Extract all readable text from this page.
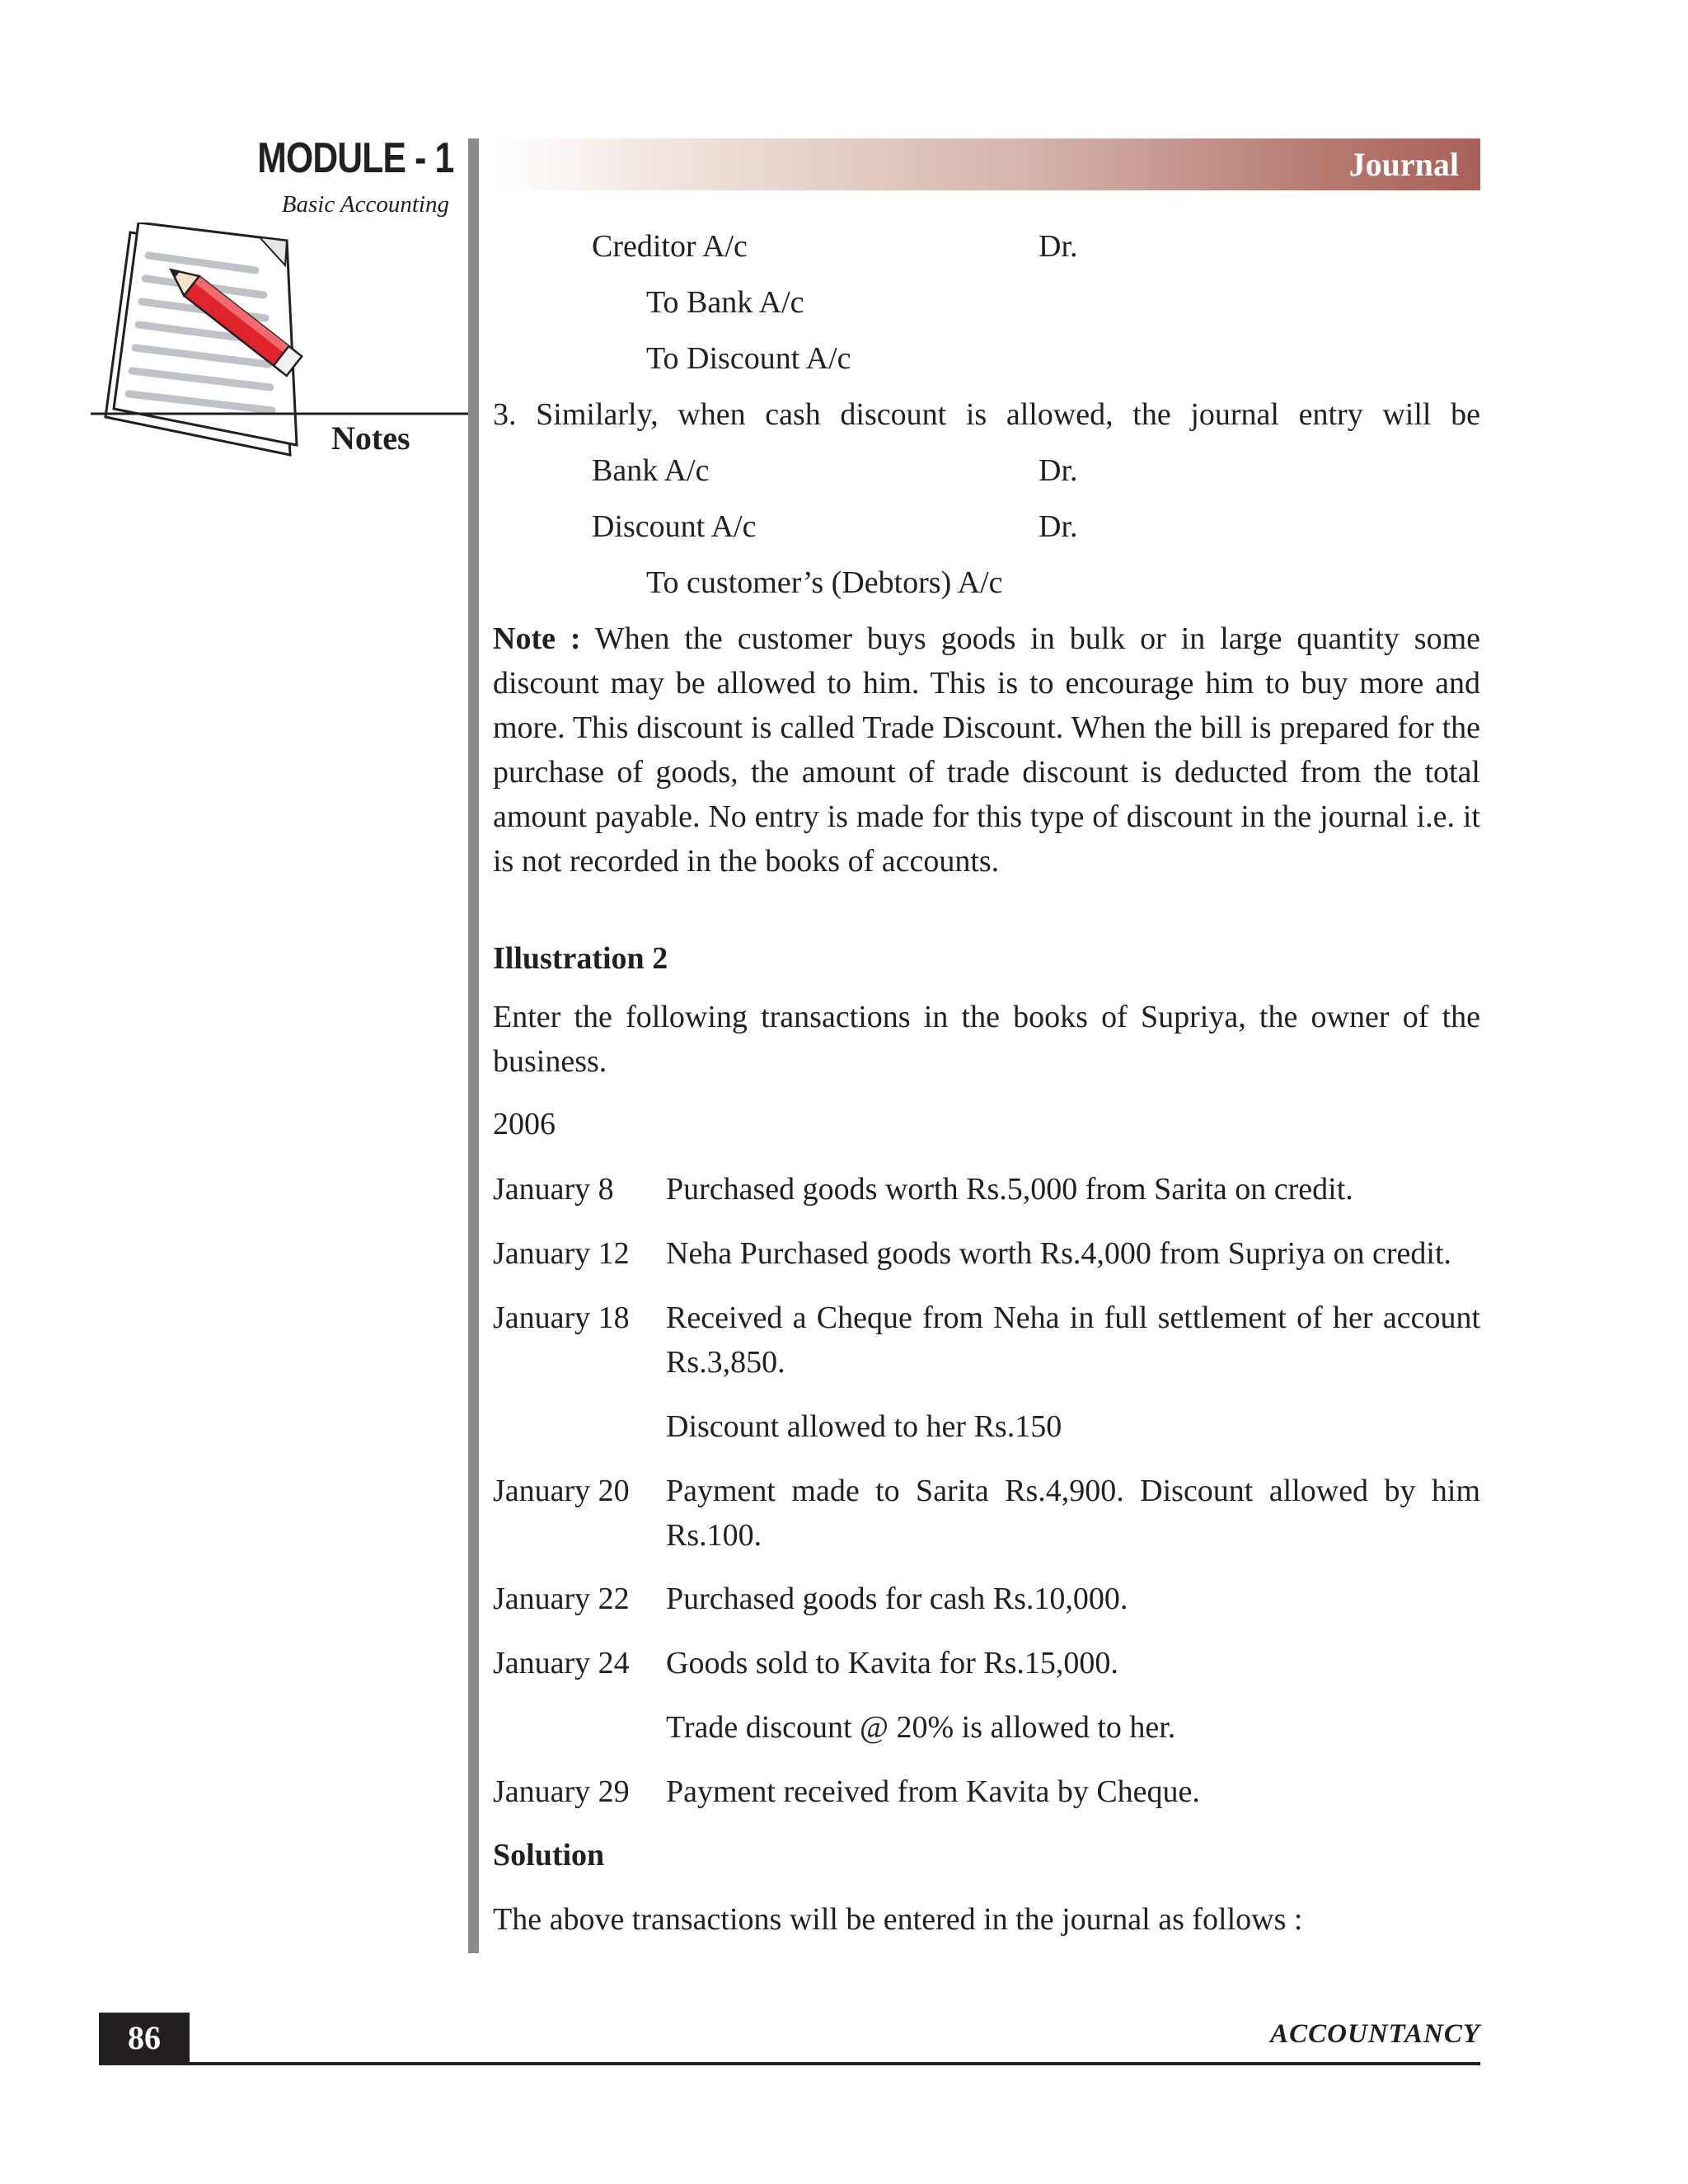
MODULE - 1
Basic Accounting
Notes
Journal
Creditor A/c	Dr.
To Bank A/c
To Discount A/c
3. Similarly, when cash discount is allowed, the journal entry will be
Bank A/c	Dr.
Discount A/c	Dr.
To customer’s (Debtors) A/c

Note : When the customer buys goods in bulk or in large quantity some discount may be allowed to him. This is to encourage him to buy more and more. This discount is called Trade Discount. When the bill is prepared for the purchase of goods, the amount of trade discount is deducted from the total amount payable. No entry is made for this type of discount in the journal i.e. it is not recorded in the books of accounts.

Illustration 2

Enter the following transactions in the books of Supriya, the owner of the business.

2006
January 8 Purchased goods worth Rs.5,000 from Sarita on credit.
January 12 Neha Purchased goods worth Rs.4,000 from Supriya on credit.
January 18 Received a Cheque from Neha in full settlement of her account Rs.3,850.
Discount allowed to her Rs.150
January 20 Payment made to Sarita Rs.4,900. Discount allowed by him Rs.100.
January 22 Purchased goods for cash Rs.10,000.
January 24 Goods sold to Kavita for Rs.15,000.
Trade discount @ 20% is allowed to her.
January 29 Payment received from Kavita by Cheque.
Solution
The above transactions will be entered in the journal as follows :
86	ACCOUNTANCY
